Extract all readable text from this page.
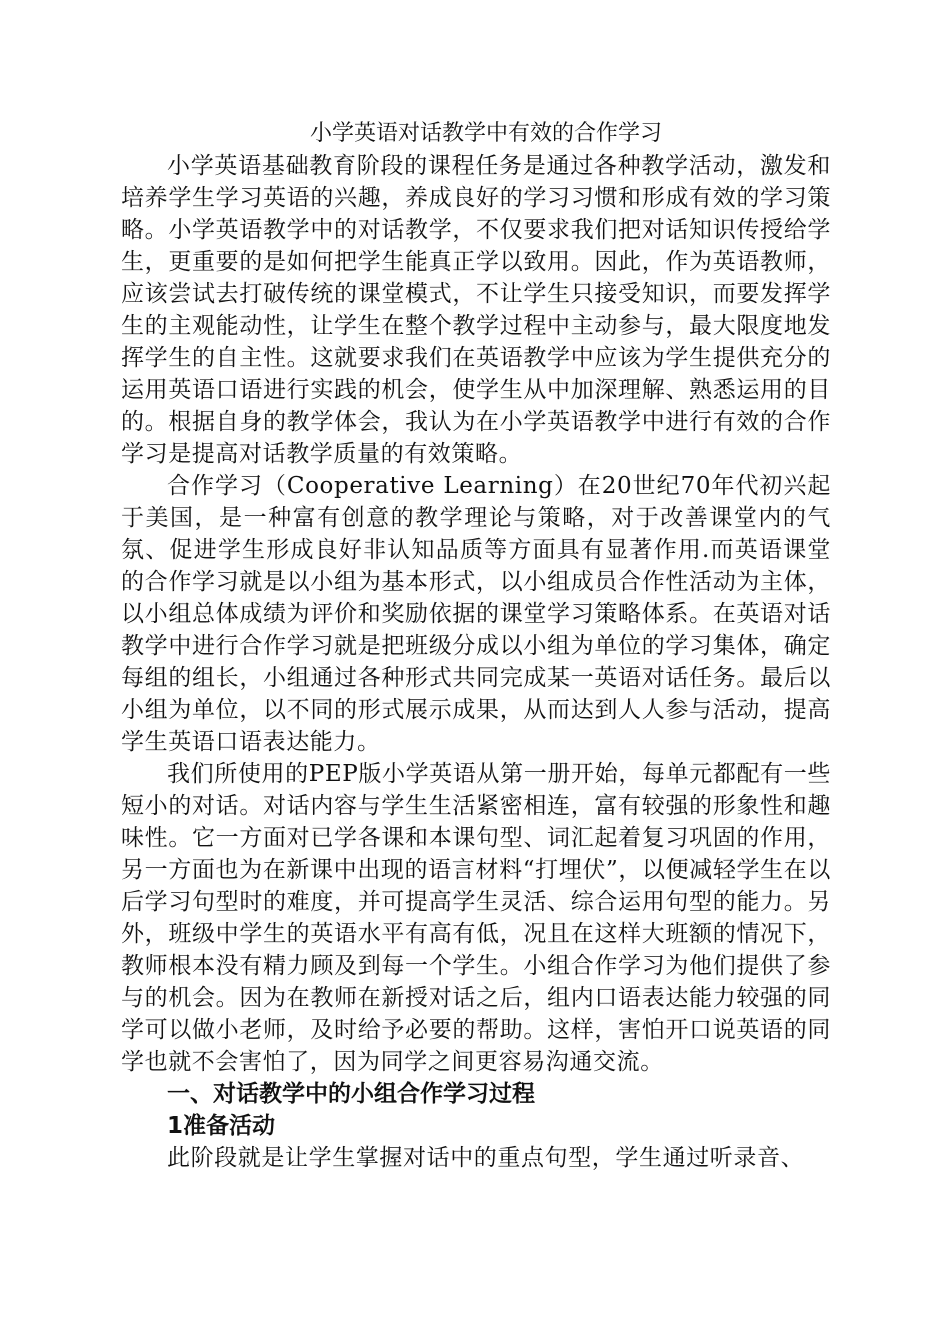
小学英语对话教学中有效的合作学习

小学英语基础教育阶段的课程任务是通过各种教学活动，激发和培养学生学习英语的兴趣，养成良好的学习习惯和形成有效的学习策略。小学英语教学中的对话教学，不仅要求我们把对话知识传授给学生，更重要的是如何把学生能真正学以致用。因此，作为英语教师，应该尝试去打破传统的课堂模式，不让学生只接受知识，而要发挥学生的主观能动性，让学生在整个教学过程中主动参与，最大限度地发挥学生的自主性。这就要求我们在英语教学中应该为学生提供充分的运用英语口语进行实践的机会，使学生从中加深理解、熟悉运用的目的。根据自身的教学体会，我认为在小学英语教学中进行有效的合作学习是提高对话教学质量的有效策略。

合作学习（Cooperative Learning）在20世纪70年代初兴起于美国，是一种富有创意的教学理论与策略，对于改善课堂内的气氛、促进学生形成良好非认知品质等方面具有显著作用.而英语课堂的合作学习就是以小组为基本形式，以小组成员合作性活动为主体，以小组总体成绩为评价和奖励依据的课堂学习策略体系。在英语对话教学中进行合作学习就是把班级分成以小组为单位的学习集体，确定每组的组长，小组通过各种形式共同完成某一英语对话任务。最后以小组为单位，以不同的形式展示成果，从而达到人人参与活动，提高学生英语口语表达能力。

我们所使用的PEP版小学英语从第一册开始，每单元都配有一些短小的对话。对话内容与学生生活紧密相连，富有较强的形象性和趣味性。它一方面对已学各课和本课句型、词汇起着复习巩固的作用，另一方面也为在新课中出现的语言材料“打埋伏”，以便减轻学生在以后学习句型时的难度，并可提高学生灵活、综合运用句型的能力。另外，班级中学生的英语水平有高有低，况且在这样大班额的情况下，教师根本没有精力顾及到每一个学生。小组合作学习为他们提供了参与的机会。因为在教师在新授对话之后，组内口语表达能力较强的同学可以做小老师，及时给予必要的帮助。这样，害怕开口说英语的同学也就不会害怕了，因为同学之间更容易沟通交流。

一、对话教学中的小组合作学习过程
1准备活动

此阶段就是让学生掌握对话中的重点句型，学生通过听录音、
